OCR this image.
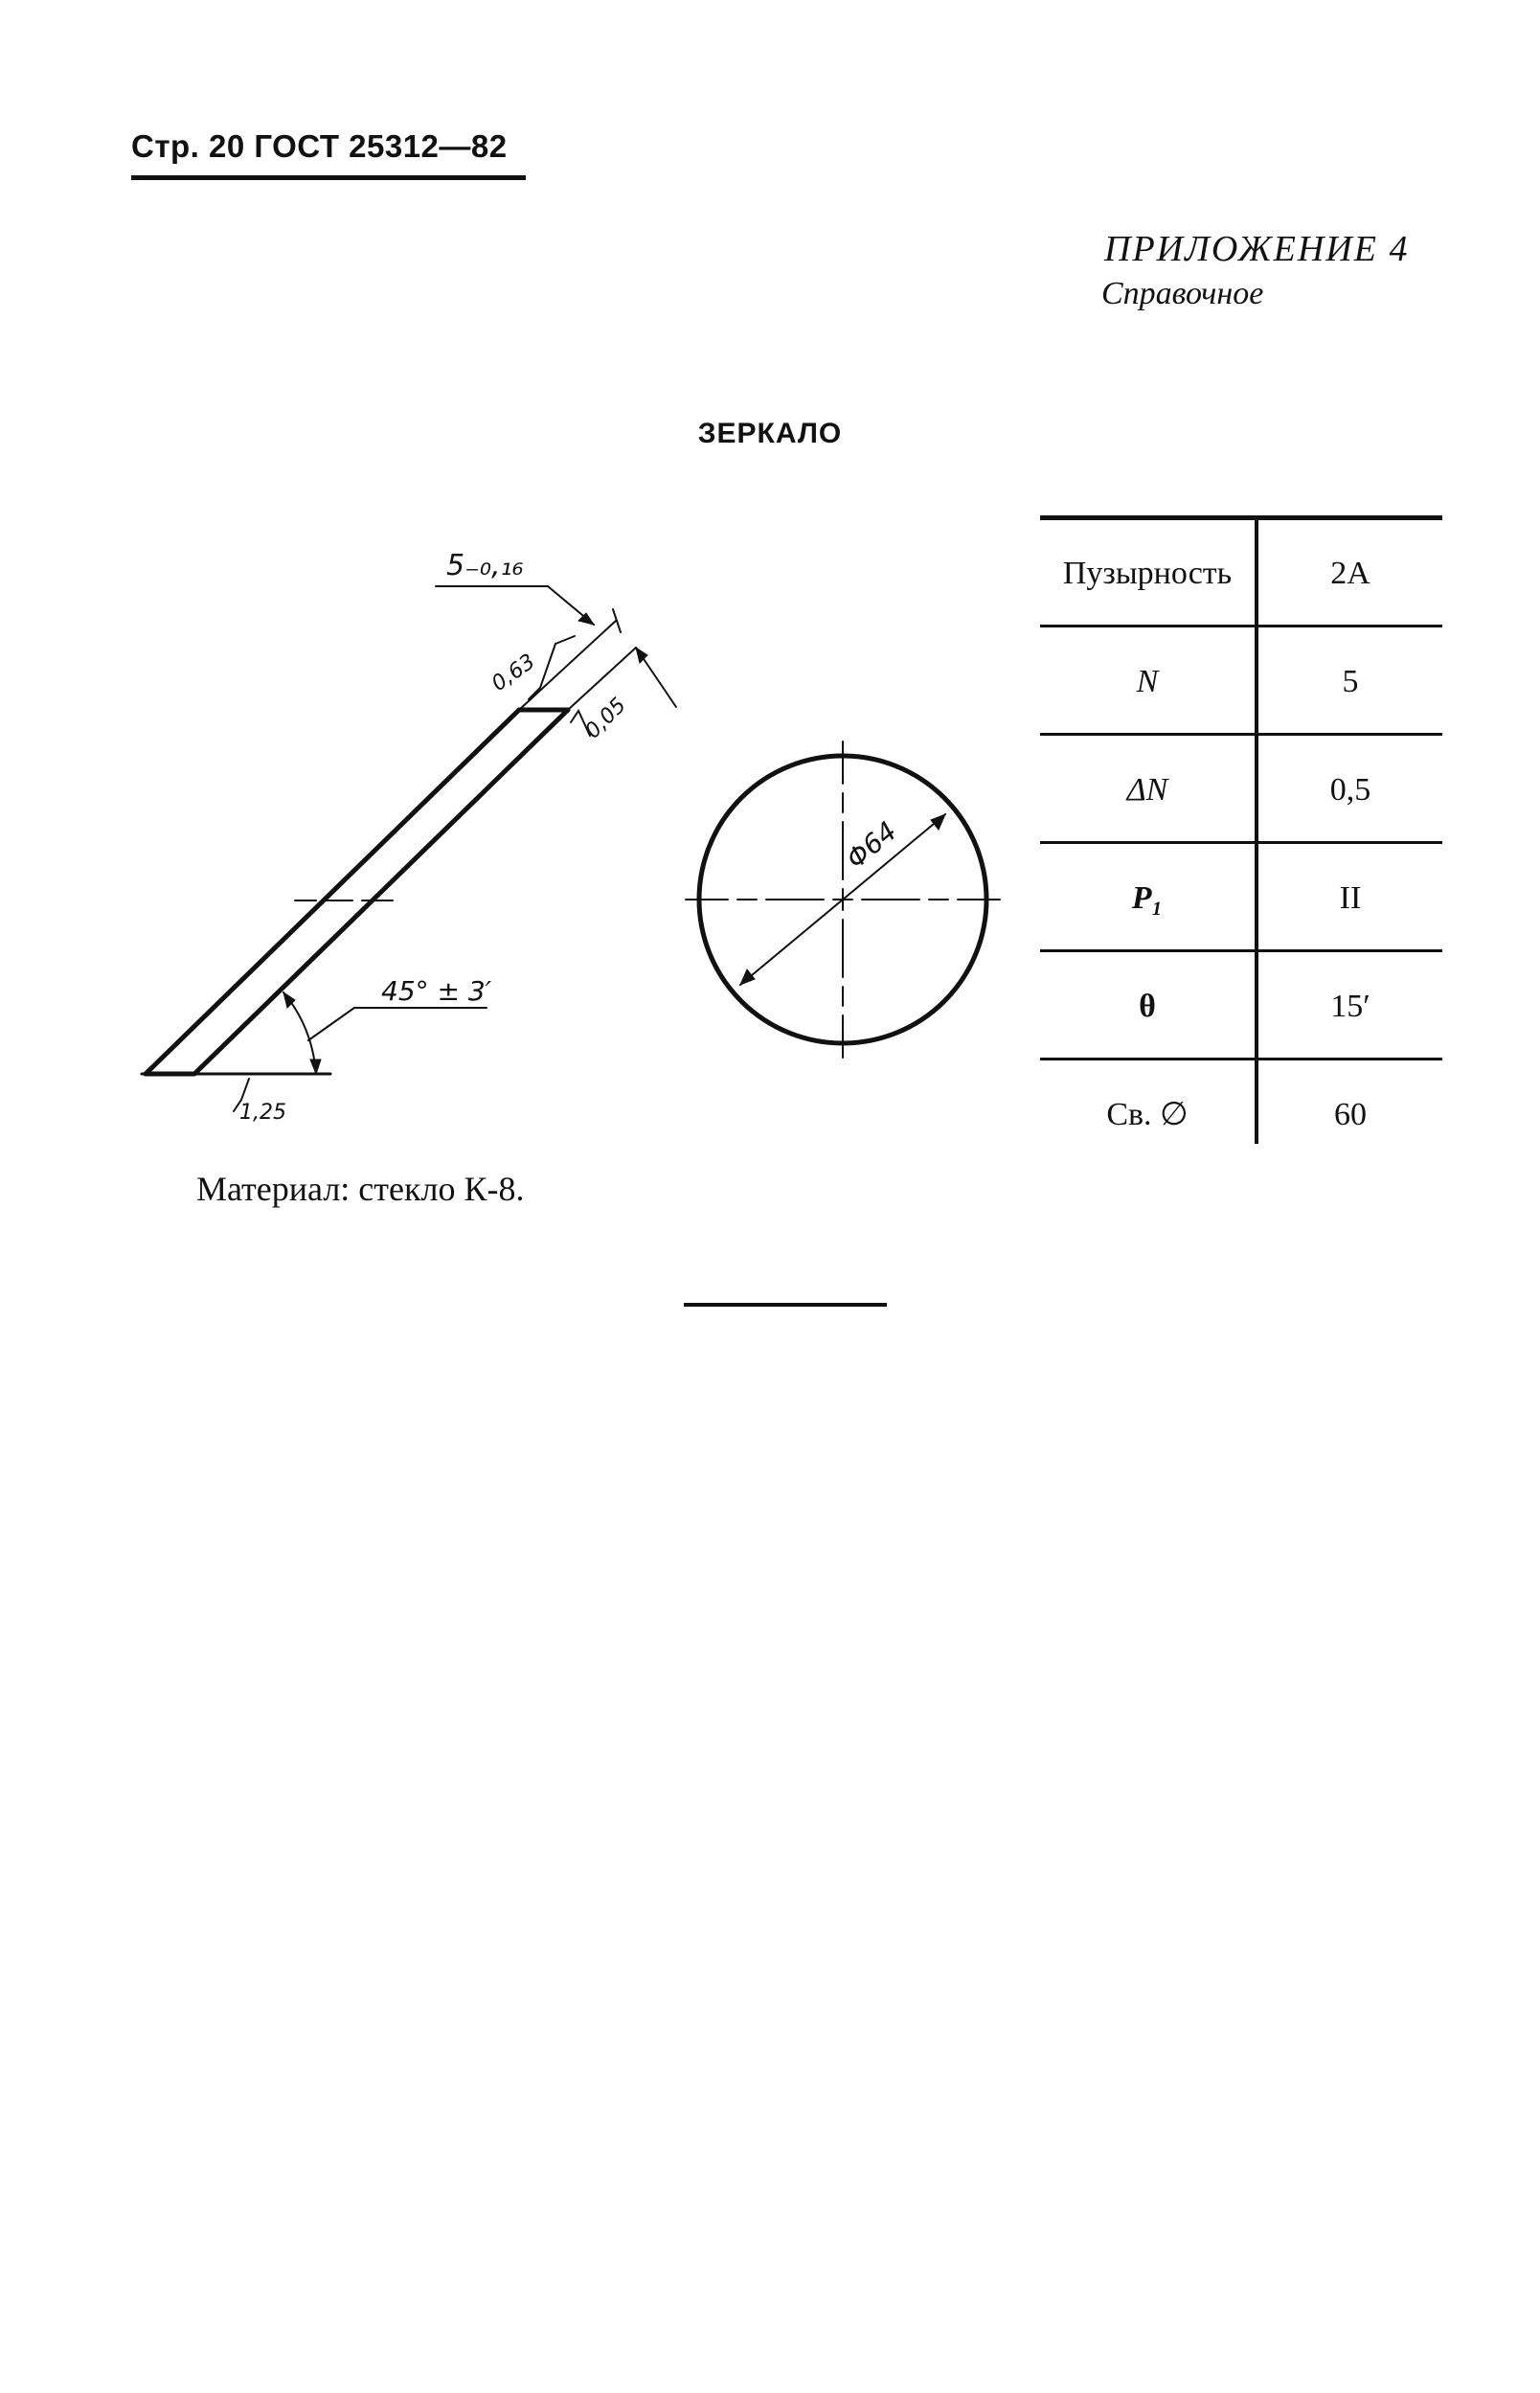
Стр. 20 ГОСТ 25312—82
ПРИЛОЖЕНИЕ 4
Справочное
ЗЕРКАЛО
5₋₀,₁₆
0,63
0,05
1,25
45° ± 3′
Φ64
Материал: стекло К-8.
Пузырность	2А
N	5
ΔN	0,5
P₁	II
θ	15′
Св. ∅	60
